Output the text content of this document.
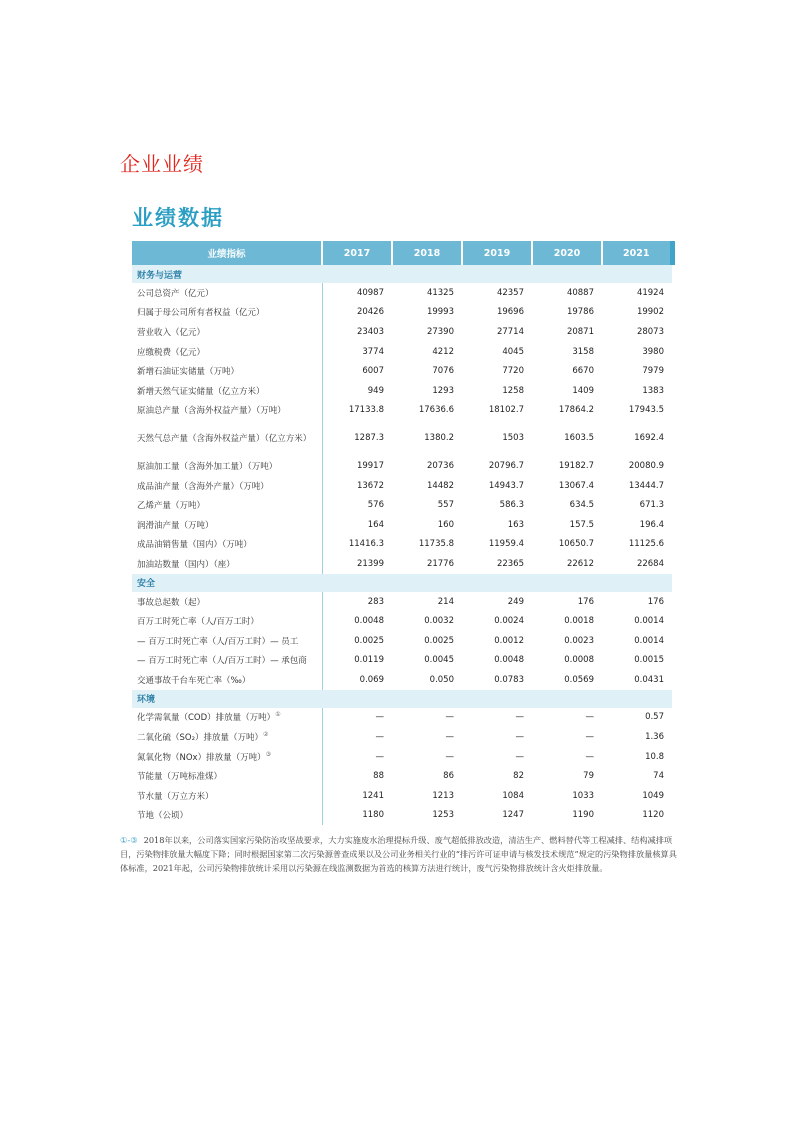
企业业绩
业绩数据
业绩指标	2017	2018	2019	2020	2021
财务与运营					
公司总资产（亿元）	40987	41325	42357	40887	41924
归属于母公司所有者权益（亿元）	20426	19993	19696	19786	19902
营业收入（亿元）	23403	27390	27714	20871	28073
应缴税费（亿元）	3774	4212	4045	3158	3980
新增石油证实储量（万吨）	6007	7076	7720	6670	7979
新增天然气证实储量（亿立方米）	949	1293	1258	1409	1383
原油总产量（含海外权益产量）（万吨）	17133.8	17636.6	18102.7	17864.2	17943.5
天然气总产量（含海外权益产量）（亿立方米）	1287.3	1380.2	1503	1603.5	1692.4
原油加工量（含海外加工量）（万吨）	19917	20736	20796.7	19182.7	20080.9
成品油产量（含海外产量）（万吨）	13672	14482	14943.7	13067.4	13444.7
乙烯产量（万吨）	576	557	586.3	634.5	671.3
润滑油产量（万吨）	164	160	163	157.5	196.4
成品油销售量（国内）（万吨）	11416.3	11735.8	11959.4	10650.7	11125.6
加油站数量（国内）（座）	21399	21776	22365	22612	22684
安全					
事故总起数（起）	283	214	249	176	176
百万工时死亡率（人/百万工时）	0.0048	0.0032	0.0024	0.0018	0.0014
— 百万工时死亡率（人/百万工时）— 员工	0.0025	0.0025	0.0012	0.0023	0.0014
— 百万工时死亡率（人/百万工时）— 承包商	0.0119	0.0045	0.0048	0.0008	0.0015
交通事故千台车死亡率（‰）	0.069	0.050	0.0783	0.0569	0.0431
环境					
化学需氧量（COD）排放量（万吨）①	—	—	—	—	0.57
二氧化硫（SO₂）排放量（万吨）②	—	—	—	—	1.36
氮氧化物（NOx）排放量（万吨）③	—	—	—	—	10.8
节能量（万吨标准煤）	88	86	82	79	74
节水量（万立方米）	1241	1213	1084	1033	1049
节地（公顷）	1180	1253	1247	1190	1120
①-③ 2018年以来，公司落实国家污染防治攻坚战要求，大力实施废水治理提标升级、废气超低排放改造，清洁生产、燃料替代等工程减排、结构减排项目，污染物排放量大幅度下降；同时根据国家第二次污染源普查成果以及公司业务相关行业的“排污许可证申请与核发技术规范”规定的污染物排放量核算具体标准，2021年起，公司污染物排放统计采用以污染源在线监测数据为首选的核算方法进行统计，废气污染物排放统计含火炬排放量。
